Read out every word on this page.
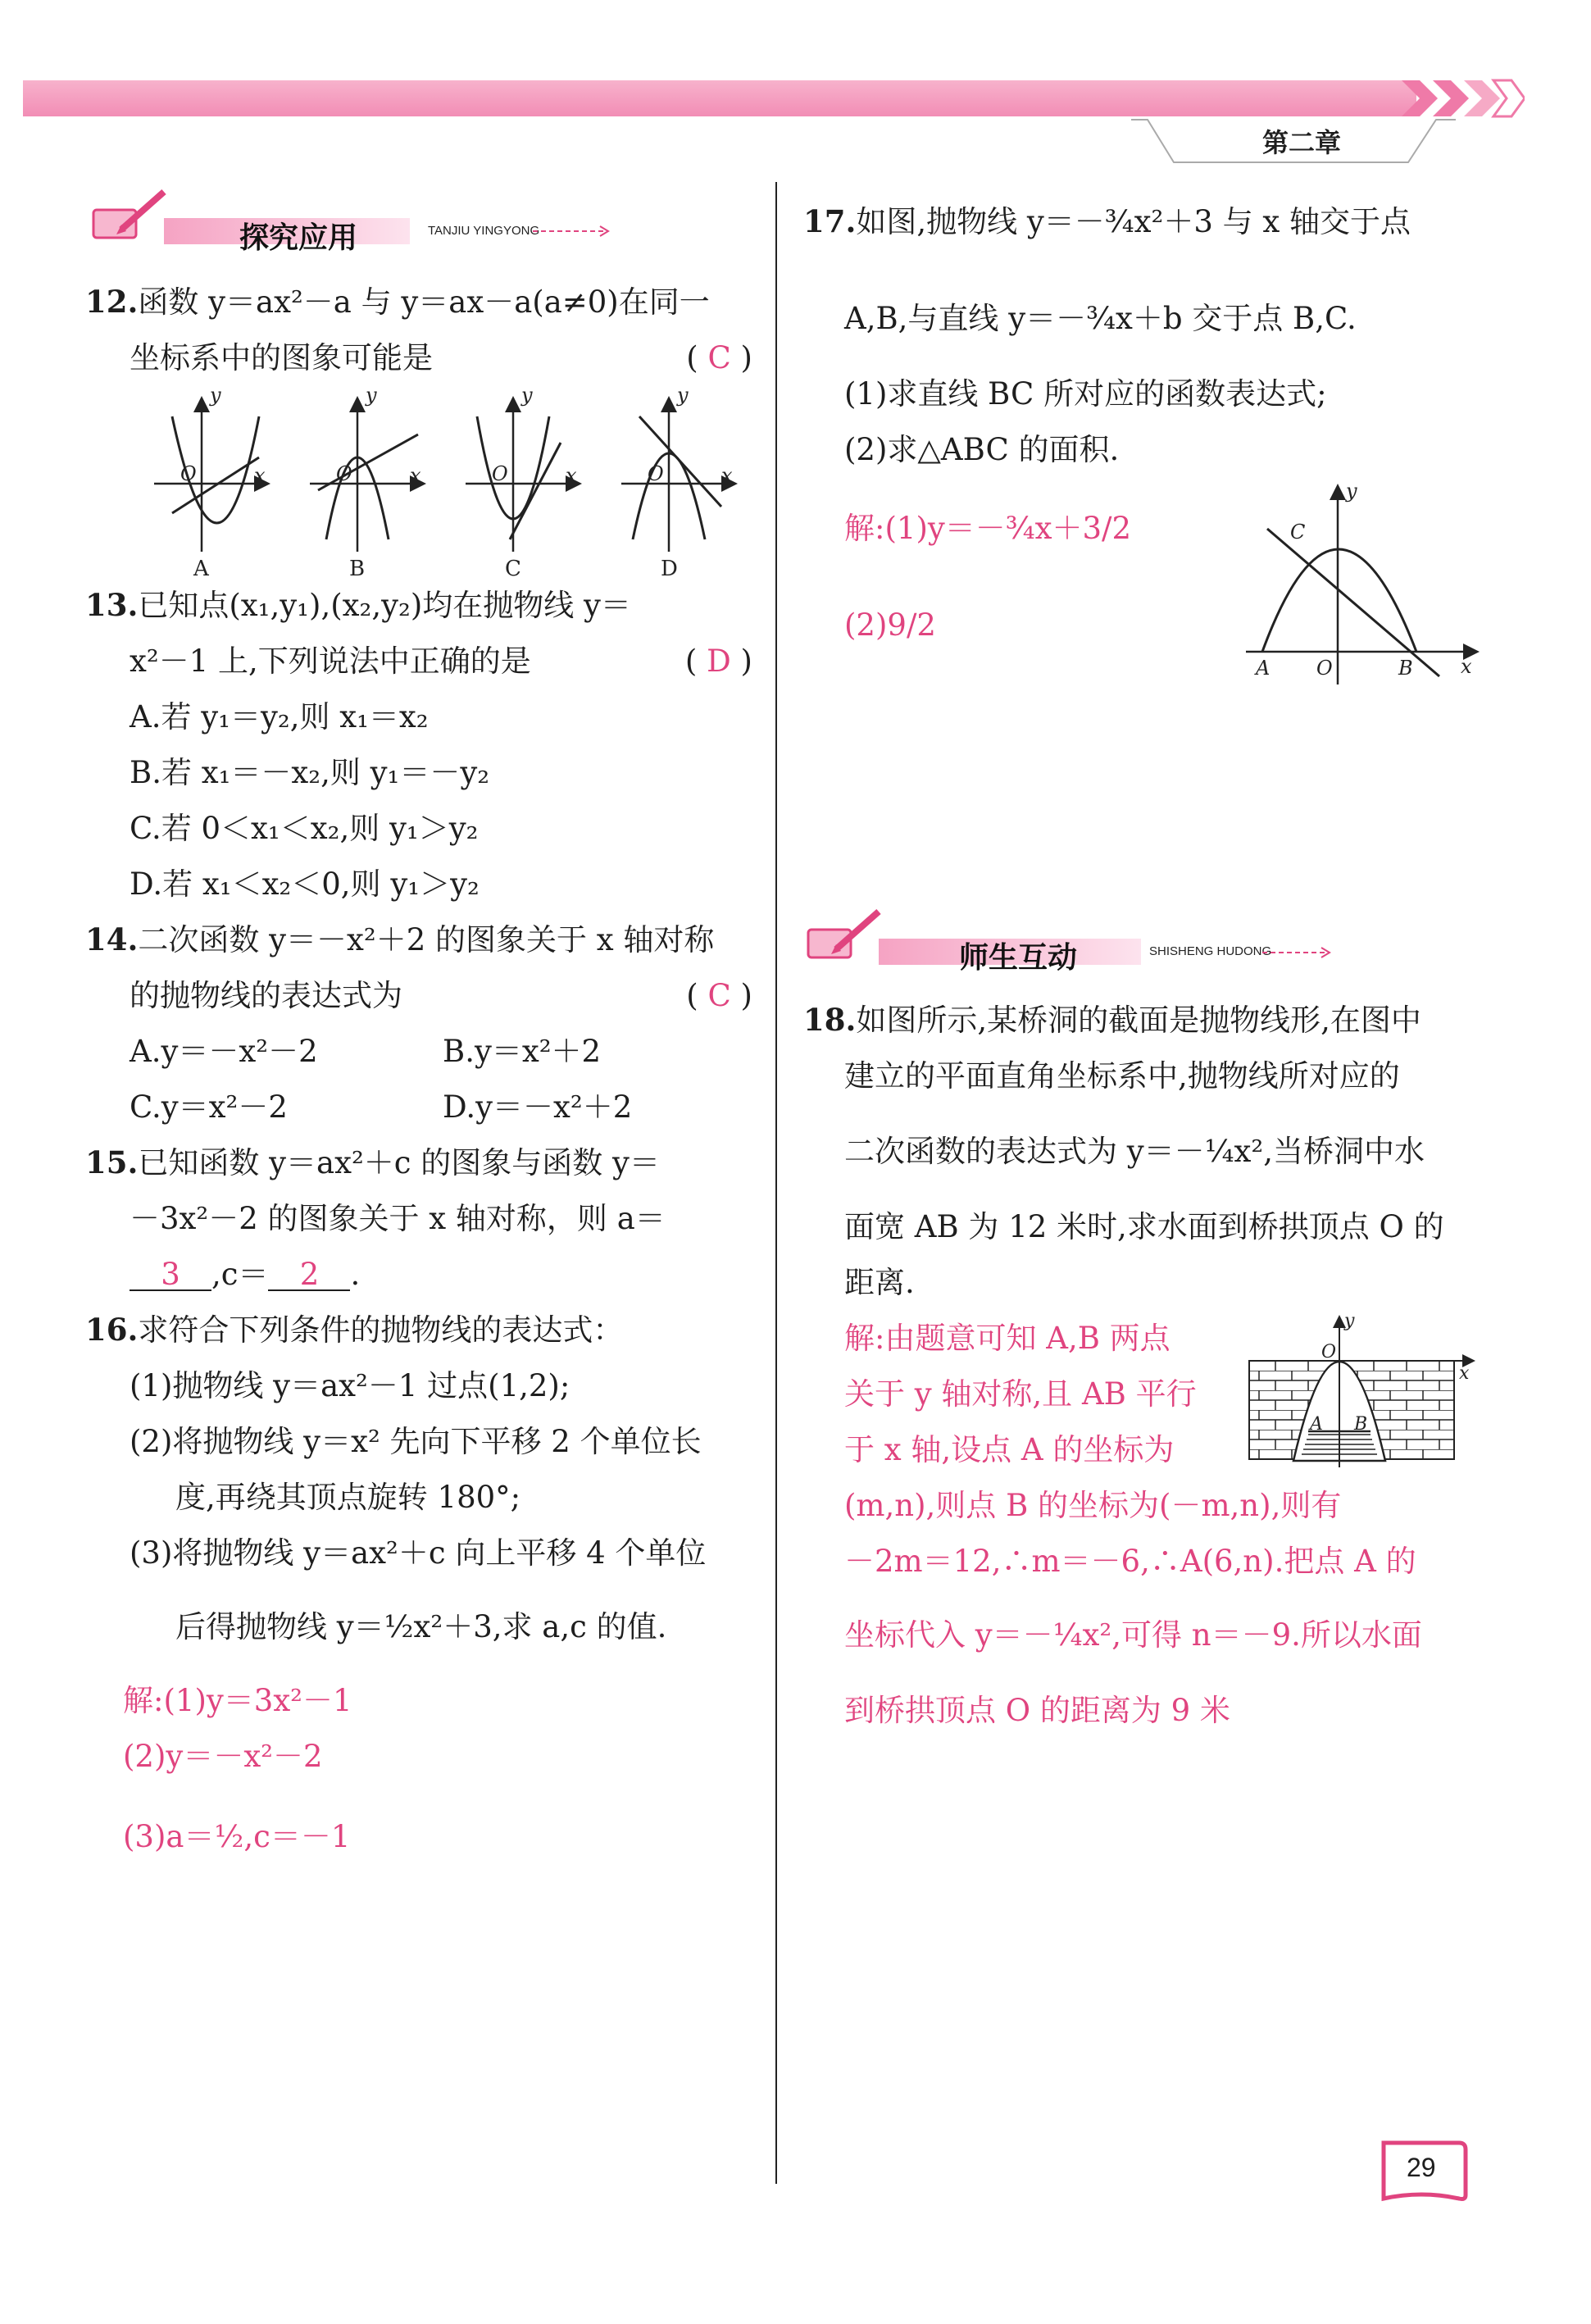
第二章
探究应用	TANJIU YINGYONG
12.函数 y＝ax²－a 与 y＝ax－a(a≠0)在同一
坐标系中的图象可能是	( C )
y
x
O
y
x
O
y
x
O
y
x
O
A	B	C	D
13.已知点(x₁,y₁),(x₂,y₂)均在抛物线 y＝
x²－1 上,下列说法中正确的是	( D )
A.若 y₁＝y₂,则 x₁＝x₂
B.若 x₁＝－x₂,则 y₁＝－y₂
C.若 0＜x₁＜x₂,则 y₁＞y₂
D.若 x₁＜x₂＜0,则 y₁＞y₂
14.二次函数 y＝－x²＋2 的图象关于 x 轴对称
的抛物线的表达式为	( C )
A.y＝－x²－2	B.y＝x²＋2
C.y＝x²－2	D.y＝－x²＋2
15.已知函数 y＝ax²＋c 的图象与函数 y＝
－3x²－2 的图象关于 x 轴对称，则 a＝
3 ,c＝ 2 .
16.求符合下列条件的抛物线的表达式：
(1)抛物线 y＝ax²－1 过点(1,2);
(2)将抛物线 y＝x² 先向下平移 2 个单位长
度,再绕其顶点旋转 180°;
(3)将抛物线 y＝ax²＋c 向上平移 4 个单位
后得抛物线 y＝½x²＋3,求 a,c 的值.
解:(1)y＝3x²－1
(2)y＝－x²－2
(3)a＝½,c＝－1
17.如图,抛物线 y＝－¾x²＋3 与 x 轴交于点
A,B,与直线 y＝－¾x＋b 交于点 B,C.
(1)求直线 BC 所对应的函数表达式;
(2)求△ABC 的面积.
解:(1)y＝－¾x＋3/2
(2)9/2
y
x
O
A	B
C
师生互动	SHISHENG HUDONG
18.如图所示,某桥洞的截面是抛物线形,在图中
建立的平面直角坐标系中,抛物线所对应的
二次函数的表达式为 y＝－¼x²,当桥洞中水
面宽 AB 为 12 米时,求水面到桥拱顶点 O 的
距离.
解:由题意可知 A,B 两点
关于 y 轴对称,且 AB 平行
于 x 轴,设点 A 的坐标为
(m,n),则点 B 的坐标为(－m,n),则有
－2m＝12,∴m＝－6,∴A(6,n).把点 A 的
坐标代入 y＝－¼x²,可得 n＝－9.所以水面
到桥拱顶点 O 的距离为 9 米
y
x
O
A B
29
